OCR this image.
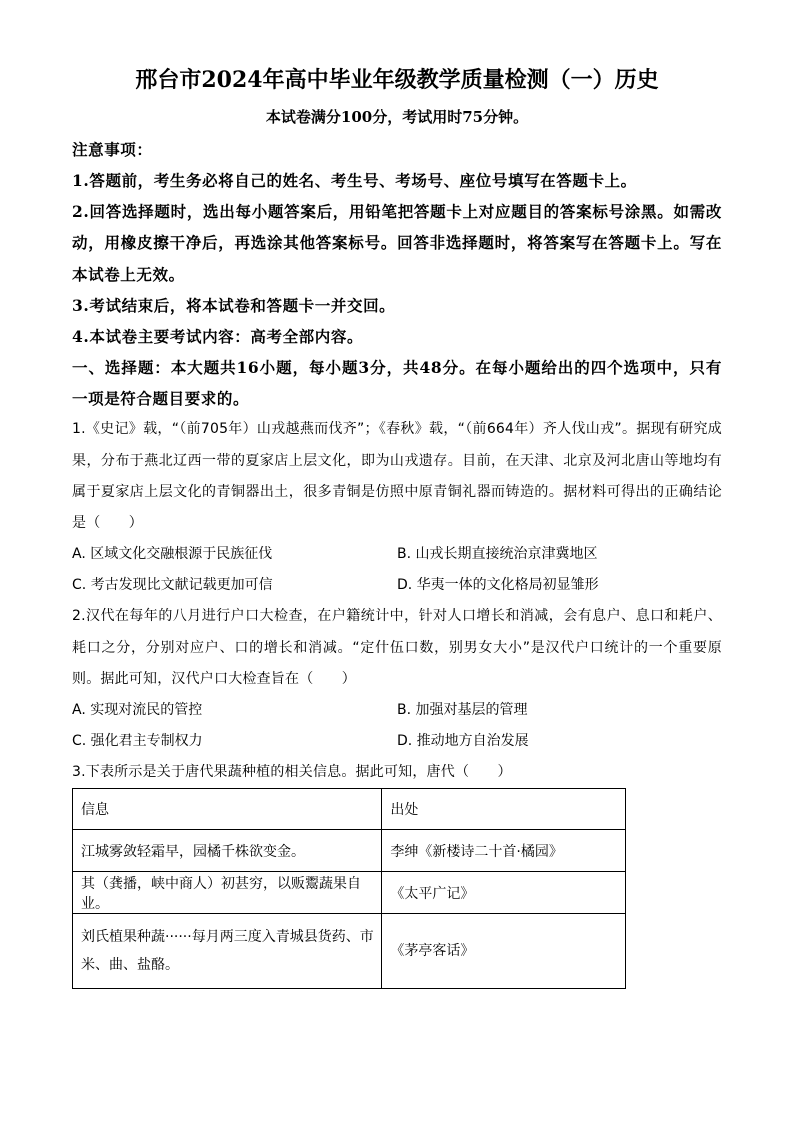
邢台市2024年高中毕业年级教学质量检测（一）历史
本试卷满分100分，考试用时75分钟。

注意事项：

1.答题前，考生务必将自己的姓名、考生号、考场号、座位号填写在答题卡上。

2.回答选择题时，选出每小题答案后，用铅笔把答题卡上对应题目的答案标号涂黑。如需改动，用橡皮擦干净后，再选涂其他答案标号。回答非选择题时，将答案写在答题卡上。写在本试卷上无效。

3.考试结束后，将本试卷和答题卡一并交回。

4.本试卷主要考试内容：高考全部内容。

一、选择题：本大题共16小题，每小题3分，共48分。在每小题给出的四个选项中，只有一项是符合题目要求的。

1.《史记》载，“（前705年）山戎越燕而伐齐”；《春秋》载，“（前664年）齐人伐山戎”。据现有研究成果，分布于燕北辽西一带的夏家店上层文化，即为山戎遗存。目前，在天津、北京及河北唐山等地均有属于夏家店上层文化的青铜器出土，很多青铜是仿照中原青铜礼器而铸造的。据材料可得出的正确结论是（　　）

A. 区域文化交融根源于民族征伐	B. 山戎长期直接统治京津冀地区
C. 考古发现比文献记载更加可信	D. 华夷一体的文化格局初显雏形

2.汉代在每年的八月进行户口大检查，在户籍统计中，针对人口增长和消减，会有息户、息口和耗户、耗口之分，分别对应户、口的增长和消减。“定什伍口数，别男女大小”是汉代户口统计的一个重要原则。据此可知，汉代户口大检查旨在（　　）

A. 实现对流民的管控	B. 加强对基层的管理
C. 强化君主专制权力	D. 推动地方自治发展

3.下表所示是关于唐代果蔬种植的相关信息。据此可知，唐代（　　）

信息	出处
江城雾敛轻霜早，园橘千株欲变金。	李绅《新楼诗二十首·橘园》
其（龚播，峡中商人）初甚穷，以贩鬻蔬果自业。	《太平广记》
刘氏植果种蔬······每月两三度入青城县货药、市米、曲、盐酪。	《茅亭客话》
